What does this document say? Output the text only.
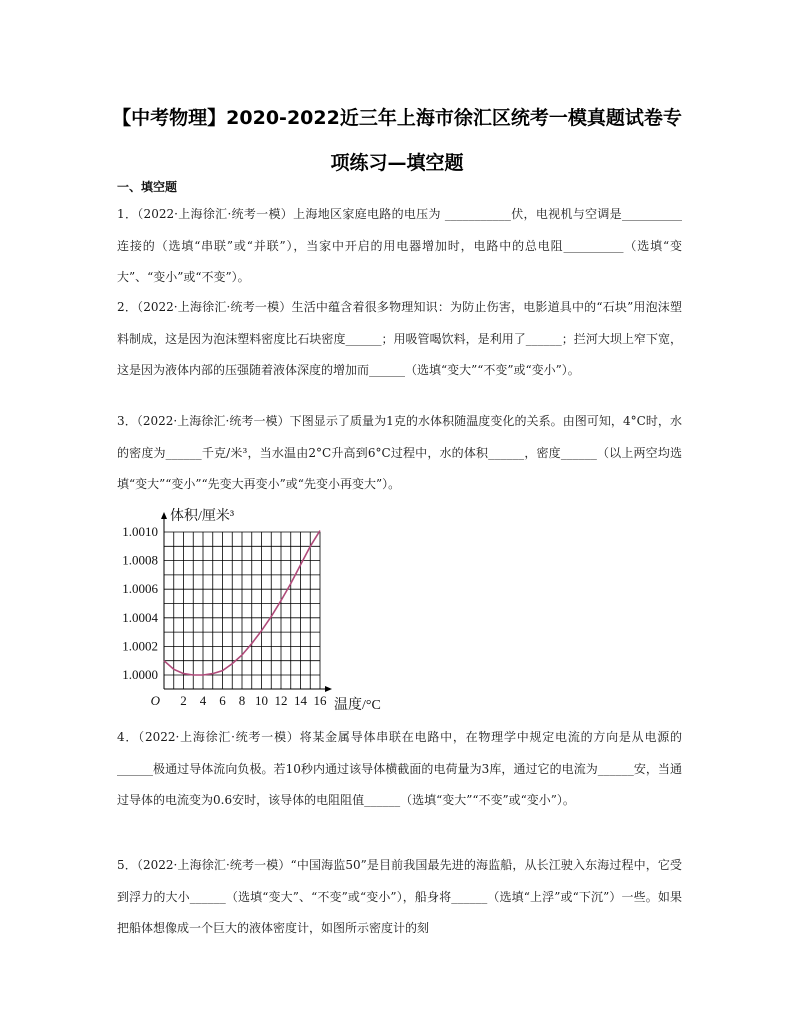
【中考物理】2020-2022近三年上海市徐汇区统考一模真题试卷专
项练习—填空题
一、填空题
1．（2022·上海徐汇·统考一模）上海地区家庭电路的电压为 ___________伏，电视机与空调是__________连接的（选填“串联”或“并联”），当家中开启的用电器增加时，电路中的总电阻__________（选填“变大”、“变小”或“不变”）。
2．（2022·上海徐汇·统考一模）生活中蕴含着很多物理知识：为防止伤害，电影道具中的“石块”用泡沫塑料制成，这是因为泡沫塑料密度比石块密度______；用吸管喝饮料，是利用了______；拦河大坝上窄下宽，这是因为液体内部的压强随着液体深度的增加而______（选填“变大”“不变”或“变小”）。
3．（2022·上海徐汇·统考一模）下图显示了质量为1克的水体积随温度变化的关系。由图可知，4°C时，水的密度为______千克/米³，当水温由2°C升高到6°C过程中，水的体积______，密度______（以上两空均选填“变大”“变小”“先变大再变小”或“先变小再变大”）。
1.0000
1.0002
1.0004
1.0006
1.0008
1.0010
2 4 6 8 10 12 14 16
O
体积/厘米³
温度/°C
4．（2022·上海徐汇·统考一模）将某金属导体串联在电路中，在物理学中规定电流的方向是从电源的______极通过导体流向负极。若10秒内通过该导体横截面的电荷量为3库，通过它的电流为______安，当通过导体的电流变为0.6安时，该导体的电阻阻值______（选填“变大”“不变”或“变小”）。
5．（2022·上海徐汇·统考一模）“中国海监50”是目前我国最先进的海监船，从长江驶入东海过程中，它受到浮力的大小______（选填“变大”、“不变”或“变小”），船身将______（选填“上浮”或“下沉”）一些。如果把船体想像成一个巨大的液体密度计，如图所示密度计的刻
